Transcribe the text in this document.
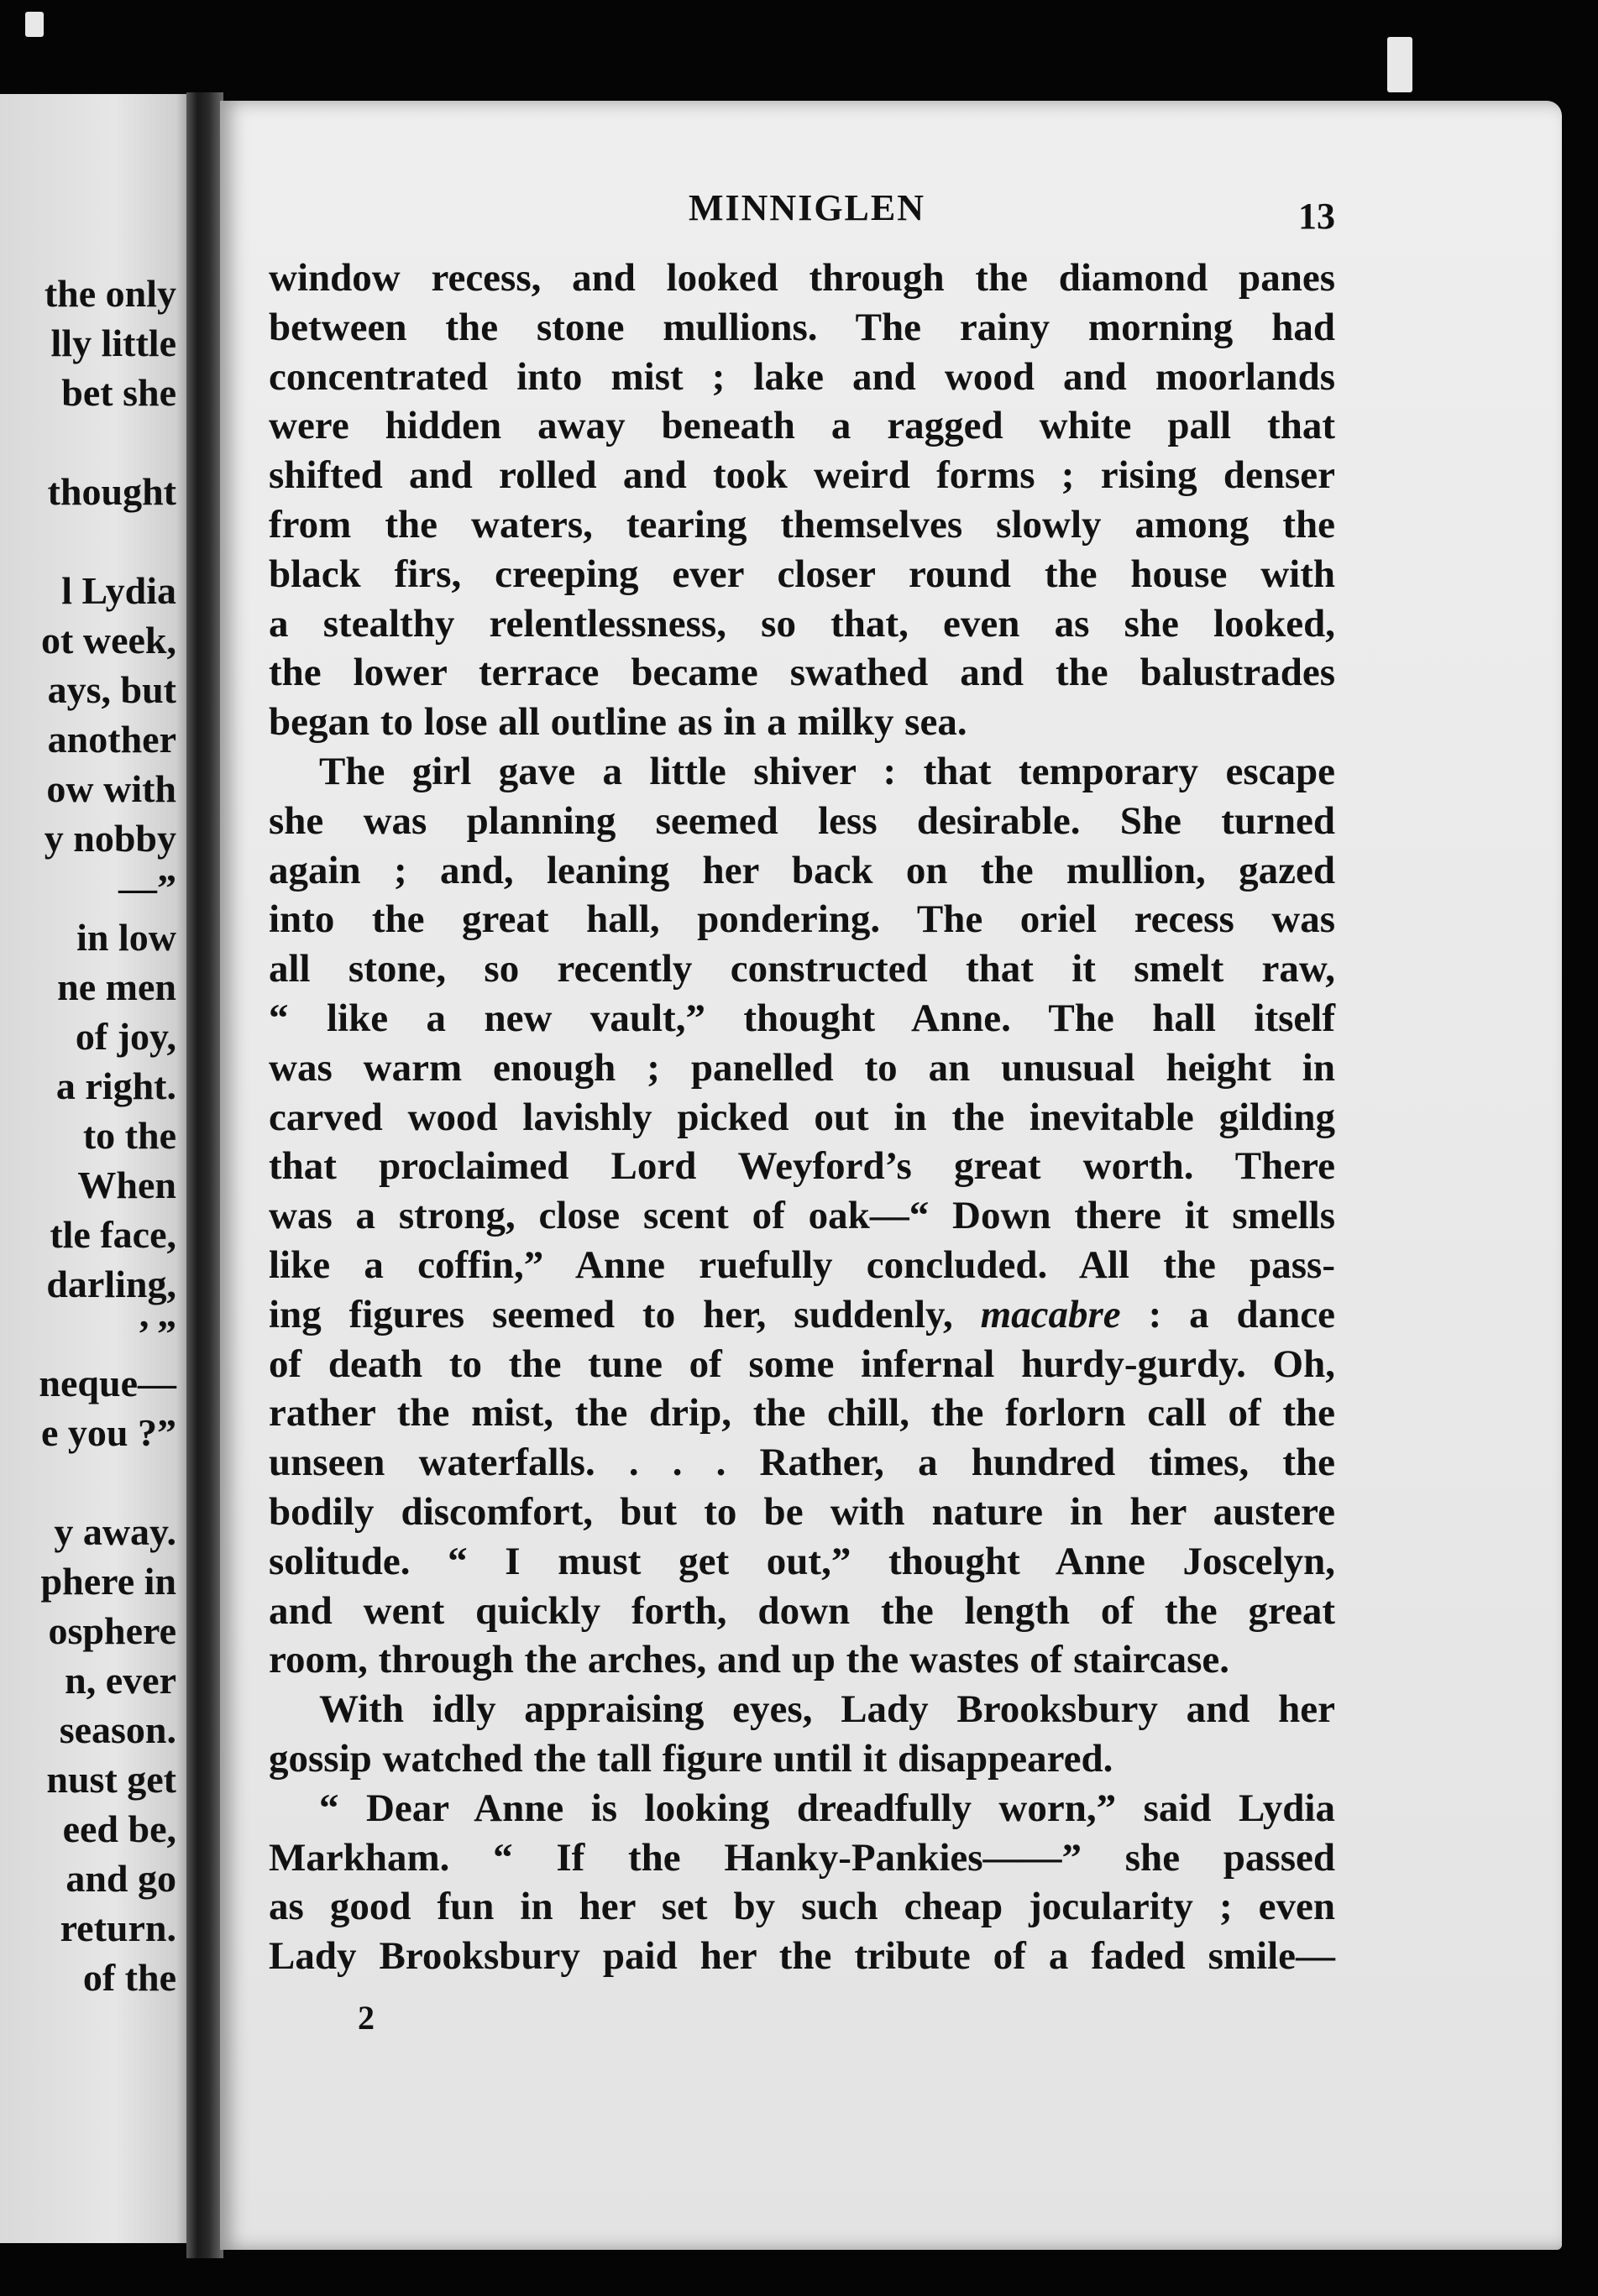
the only
lly little
bet she
thought
l Lydia
ot week,
ays, but
another
ow with
y nobby
—”
in low
ne men
of joy,
a right.
to the
When
tle face,
darling,
’ ”
neque—
e you ?”
y away.
phere in
osphere
n, ever
season.
nust get
eed be,
and go
return.
of the
MINNIGLEN	13
window recess, and looked through the diamond panes
between the stone mullions. The rainy morning had
concentrated into mist ; lake and wood and moorlands
were hidden away beneath a ragged white pall that
shifted and rolled and took weird forms ; rising denser
from the waters, tearing themselves slowly among the
black firs, creeping ever closer round the house with
a stealthy relentlessness, so that, even as she looked,
the lower terrace became swathed and the balustrades
began to lose all outline as in a milky sea.
The girl gave a little shiver : that temporary escape
she was planning seemed less desirable. She turned
again ; and, leaning her back on the mullion, gazed
into the great hall, pondering. The oriel recess was
all stone, so recently constructed that it smelt raw,
“ like a new vault,” thought Anne. The hall itself
was warm enough ; panelled to an unusual height in
carved wood lavishly picked out in the inevitable gilding
that proclaimed Lord Weyford’s great worth. There
was a strong, close scent of oak—“ Down there it smells
like a coffin,” Anne ruefully concluded. All the pass-
ing figures seemed to her, suddenly, macabre : a dance
of death to the tune of some infernal hurdy-gurdy. Oh,
rather the mist, the drip, the chill, the forlorn call of the
unseen waterfalls. . . . Rather, a hundred times, the
bodily discomfort, but to be with nature in her austere
solitude. “ I must get out,” thought Anne Joscelyn,
and went quickly forth, down the length of the great
room, through the arches, and up the wastes of staircase.
With idly appraising eyes, Lady Brooksbury and her
gossip watched the tall figure until it disappeared.
“ Dear Anne is looking dreadfully worn,” said Lydia
Markham. “ If the Hanky-Pankies——” she passed
as good fun in her set by such cheap jocularity ; even
Lady Brooksbury paid her the tribute of a faded smile—
2
